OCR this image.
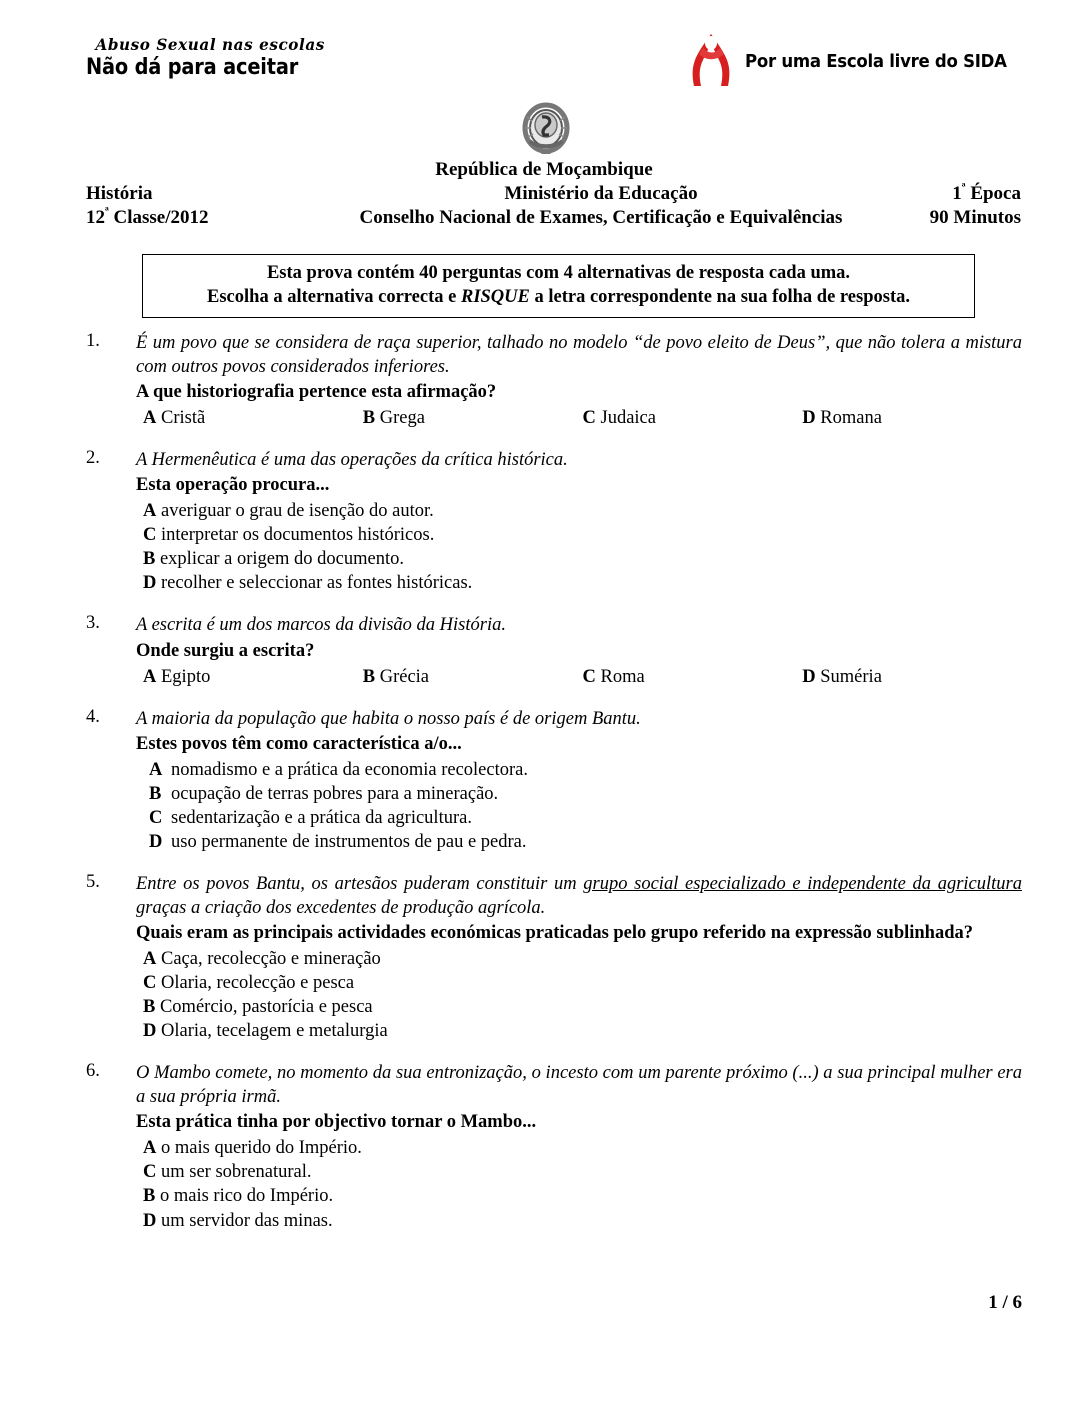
Abuso Sexual nas escolas
Não dá para aceitar	Por uma Escola livre do SIDA
República de Moçambique
História	Ministério da Educação	$1^ª$ Época
$12^ª$ Classe/2012	Conselho Nacional de Exames, Certificação e Equivalências	90 Minutos
Esta prova contém 40 perguntas com 4 alternativas de resposta cada uma.
Escolha a alternativa correcta e RISQUE a letra correspondente na sua folha de resposta.
1.	É um povo que se considera de raça superior, talhado no modelo “de povo eleito de Deus”, que não tolera a mistura com outros povos considerados inferiores.
A que historiografia pertence esta afirmação?
A Cristã	B Grega	C Judaica	D Romana
2.	A Hermenêutica é uma das operações da crítica histórica.
Esta operação procura...
A averiguar o grau de isenção do autor.
C interpretar os documentos históricos.
B explicar a origem do documento.
D recolher e seleccionar as fontes históricas.
3.	A escrita é um dos marcos da divisão da História.
Onde surgiu a escrita?
A Egipto	B Grécia	C Roma	D Suméria
4.	A maioria da população que habita o nosso país é de origem Bantu.
Estes povos têm como característica a/o...
A nomadismo e a prática da economia recolectora.
B ocupação de terras pobres para a mineração.
C sedentarização e a prática da agricultura.
D uso permanente de instrumentos de pau e pedra.
5.	Entre os povos Bantu, os artesãos puderam constituir um grupo social especializado e independente da agricultura graças a criação dos excedentes de produção agrícola.
Quais eram as principais actividades económicas praticadas pelo grupo referido na expressão sublinhada?
A Caça, recolecção e mineração
C Olaria, recolecção e pesca
B Comércio, pastorícia e pesca
D Olaria, tecelagem e metalurgia
6.	O Mambo comete, no momento da sua entronização, o incesto com um parente próximo (...) a sua principal mulher era a sua própria irmã.
Esta prática tinha por objectivo tornar o Mambo...
A o mais querido do Império.
C um ser sobrenatural.
B o mais rico do Império.
D um servidor das minas.
1 / 6
